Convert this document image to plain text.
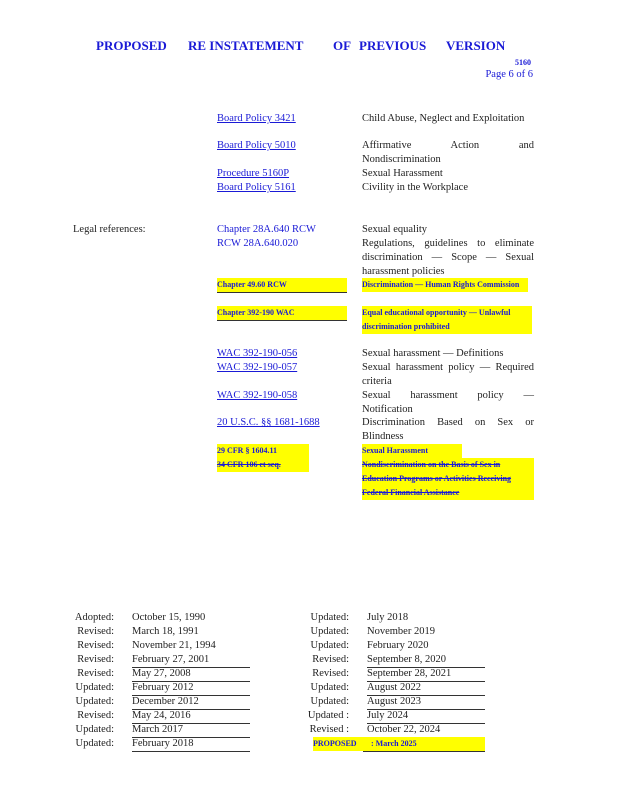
PROPOSED RE INSTATEMENT OF PREVIOUS VERSION
5160
Page 6 of 6
Board Policy 3421	Child Abuse, Neglect and Exploitation
Board Policy 5010	Affirmative Action and Nondiscrimination
Procedure 5160P	Sexual Harassment
Board Policy 5161	Civility in the Workplace
Legal references:	Chapter 28A.640 RCW	Sexual equality
RCW 28A.640.020	Regulations, guidelines to eliminate discrimination — Scope — Sexual harassment policies
Chapter 49.60 RCW	Discrimination — Human Rights Commission
Chapter 392-190 WAC	Equal educational opportunity — Unlawful discrimination prohibited
WAC 392-190-056	Sexual harassment — Definitions
WAC 392-190-057	Sexual harassment policy — Required criteria
WAC 392-190-058	Sexual harassment policy — Notification
20 U.S.C. §§ 1681-1688	Discrimination Based on Sex or Blindness
29 CFR § 1604.11	Sexual Harassment
34 CFR 106 et seq.	Nondiscrimination on the Basis of Sex in Education Programs or Activities Receiving Federal Financial Assistance
Adopted: October 15, 1990
Revised: March 18, 1991
Revised: November 21, 1994
Revised: February 27, 2001
Revised: May 27, 2008
Updated: February 2012
Updated: December 2012
Revised: May 24, 2016
Updated: March 2017
Updated: February 2018
Updated: July 2018
Updated: November 2019
Updated: February 2020
Revised: September 8, 2020
Revised: September 28, 2021
Updated: August 2022
Updated: August 2023
Updated : July 2024
Revised : October 22, 2024
PROPOSED	: March 2025
